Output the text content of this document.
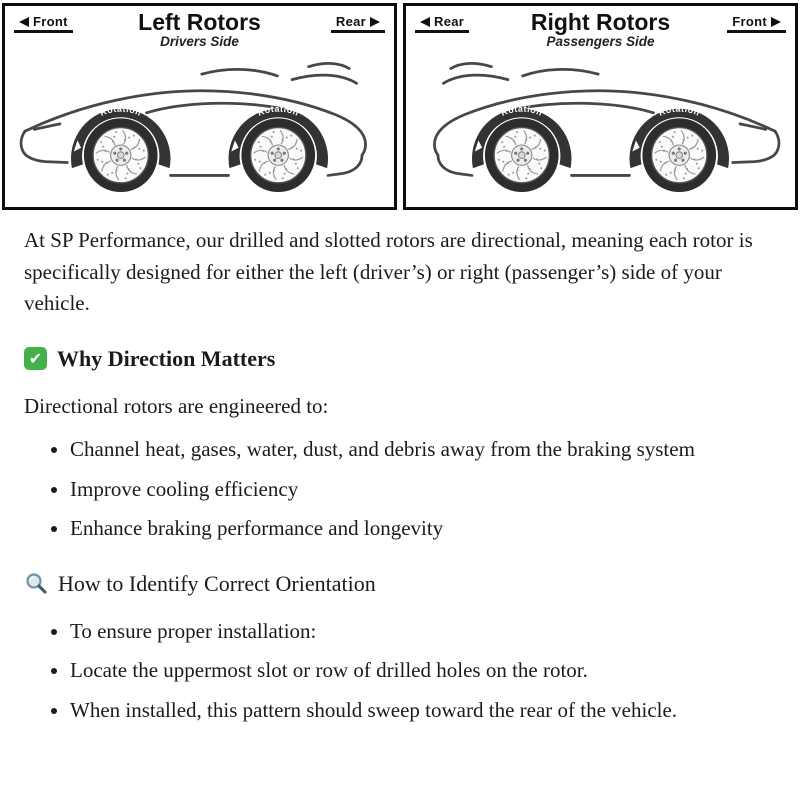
Front	Left Rotors
Drivers Side
Rear	Rear	Right Rotors
Passengers Side
Front

At SP Performance, our drilled and slotted rotors are directional, meaning each rotor is specifically designed for either the left (driver’s) or right (passenger’s) side of your vehicle.

✔ Why Direction Matters

Directional rotors are engineered to:

• Channel heat, gases, water, dust, and debris away from the braking system
• Improve cooling efficiency
• Enhance braking performance and longevity
How to Identify Correct Orientation
• To ensure proper installation:
• Locate the uppermost slot or row of drilled holes on the rotor.
• When installed, this pattern should sweep toward the rear of the vehicle.
